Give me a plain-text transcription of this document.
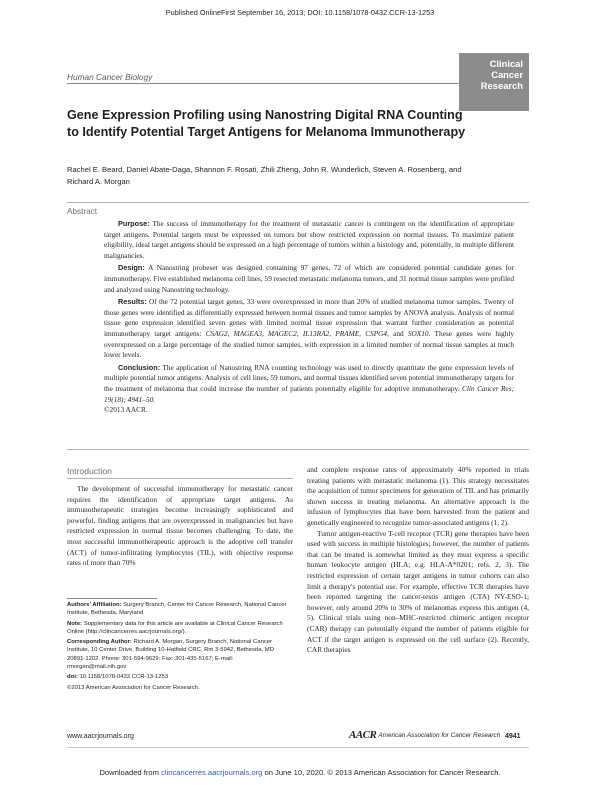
Published OnlineFirst September 16, 2013; DOI: 10.1158/1078-0432.CCR-13-1253
Clinical
Cancer
Research
Human Cancer Biology
Gene Expression Profiling using Nanostring Digital RNA Counting to Identify Potential Target Antigens for Melanoma Immunotherapy
Rachel E. Beard, Daniel Abate-Daga, Shannon F. Rosati, Zhili Zheng, John R. Wunderlich, Steven A. Rosenberg, and Richard A. Morgan
Abstract

Purpose: The success of immunotherapy for the treatment of metastatic cancer is contingent on the identification of appropriate target antigens. Potential targets must be expressed on tumors but show restricted expression on normal tissues. To maximize patient eligibility, ideal target antigens should be expressed on a high percentage of tumors within a histology and, potentially, in multiple different malignancies.

Design: A Nanostring probeset was designed containing 97 genes, 72 of which are considered potential candidate genes for immunotherapy. Five established melanoma cell lines, 59 resected metastatic melanoma tumors, and 31 normal tissue samples were profiled and analyzed using Nanostring technology.

Results: Of the 72 potential target genes, 33 were overexpressed in more than 20% of studied melanoma tumor samples. Twenty of those genes were identified as differentially expressed between normal tissues and tumor samples by ANOVA analysis. Analysis of normal tissue gene expression identified seven genes with limited normal tissue expression that warrant further consideration as potential immunotherapy target antigens: CSAG2, MAGEA3, MAGEC2, IL13RA2, PRAME, CSPG4, and SOX10. These genes were highly overexpressed on a large percentage of the studied tumor samples, with expression in a limited number of normal tissue samples at much lower levels.

Conclusion: The application of Nanostring RNA counting technology was used to directly quantitate the gene expression levels of multiple potential tumor antigens. Analysis of cell lines, 59 tumors, and normal tissues identified seven potential immunotherapy targets for the treatment of melanoma that could increase the number of patients potentially eligible for adoptive immunotherapy. Clin Cancer Res; 19(18); 4941–50.
©2013 AACR.

Introduction

The development of successful immunotherapy for metastatic cancer requires the identification of appropriate target antigens. As immunotherapeutic strategies become increasingly sophisticated and powerful, finding antigens that are overexpressed in malignancies but have restricted expression in normal tissue becomes challenging. To date, the most successful immunotherapeutic approach is the adoptive cell transfer (ACT) of tumor-infiltrating lymphocytes (TIL), with objective response rates of more than 70%

and complete response rates of approximately 40% reported in trials treating patients with metastatic melanoma (1). This strategy necessitates the acquisition of tumor specimens for generation of TIL and has primarily shown success in treating melanoma. An alternative approach is the infusion of lymphocytes that have been harvested from the patient and genetically engineered to recognize tumor-associated antigens (1, 2).

Tumor antigen-reactive T-cell receptor (TCR) gene therapies have been used with success in multiple histologies; however, the number of patients that can be treated is somewhat limited as they must express a specific human leukocyte antigen (HLA; e.g. HLA-A*0201; refs. 2, 3). The restricted expression of certain target antigens in tumor cohorts can also limit a therapy's potential use. For example, effective TCR therapies have been reported targeting the cancer-testis antigen (CTA) NY-ESO-1; however, only around 20% to 30% of melanomas express this antigen (4, 5). Clinical trials using non–MHC-restricted chimeric antigen receptor (CAR) therapy can potentially expand the number of patients eligible for ACT if the target antigen is expressed on the cell surface (2). Recently, CAR therapies

Authors' Affiliation: Surgery Branch, Center for Cancer Research, National Cancer Institute, Bethesda, Maryland

Note: Supplementary data for this article are available at Clinical Cancer Research Online (http://clincancerres.aacrjournals.org/).

Corresponding Author: Richard A. Morgan, Surgery Branch, National Cancer Institute, 10 Center Drive, Building 10-Hatfield CRC, Rm 3-5942, Bethesda, MD 20891-1202. Phone: 301-594-9629; Fax: 301-435-5167; E-mail: rmorgan@mail.nih.gov

doi: 10.1158/1078-0432.CCR-13-1253

©2013 American Association for Cancer Research.

www.aacrjournals.org	AACR American Association for Cancer Research 4941
Downloaded from clincancerres.aacrjournals.org on June 10, 2020. © 2013 American Association for Cancer Research.
